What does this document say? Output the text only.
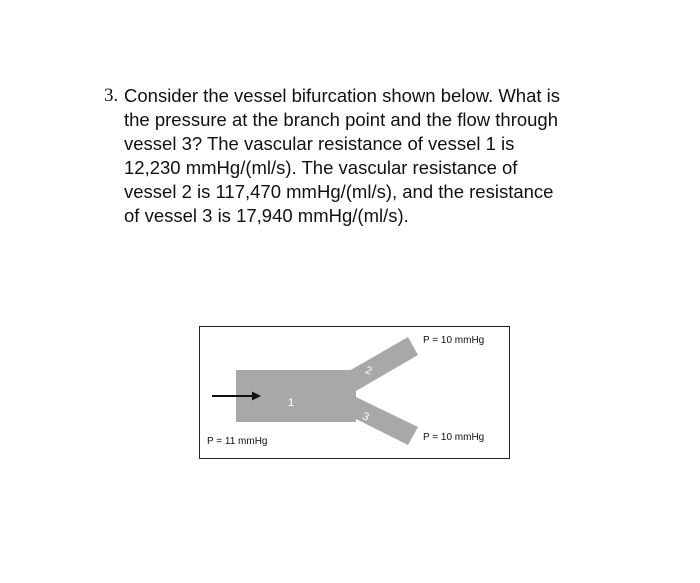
3. Consider the vessel bifurcation shown below. What is
the pressure at the branch point and the flow through
vessel 3? The vascular resistance of vessel 1 is
12,230 mmHg/(ml/s). The vascular resistance of
vessel 2 is 117,470 mmHg/(ml/s), and the resistance
of vessel 3 is 17,940 mmHg/(ml/s).
1
2
3
P = 11 mmHg
P = 10 mmHg
P = 10 mmHg
